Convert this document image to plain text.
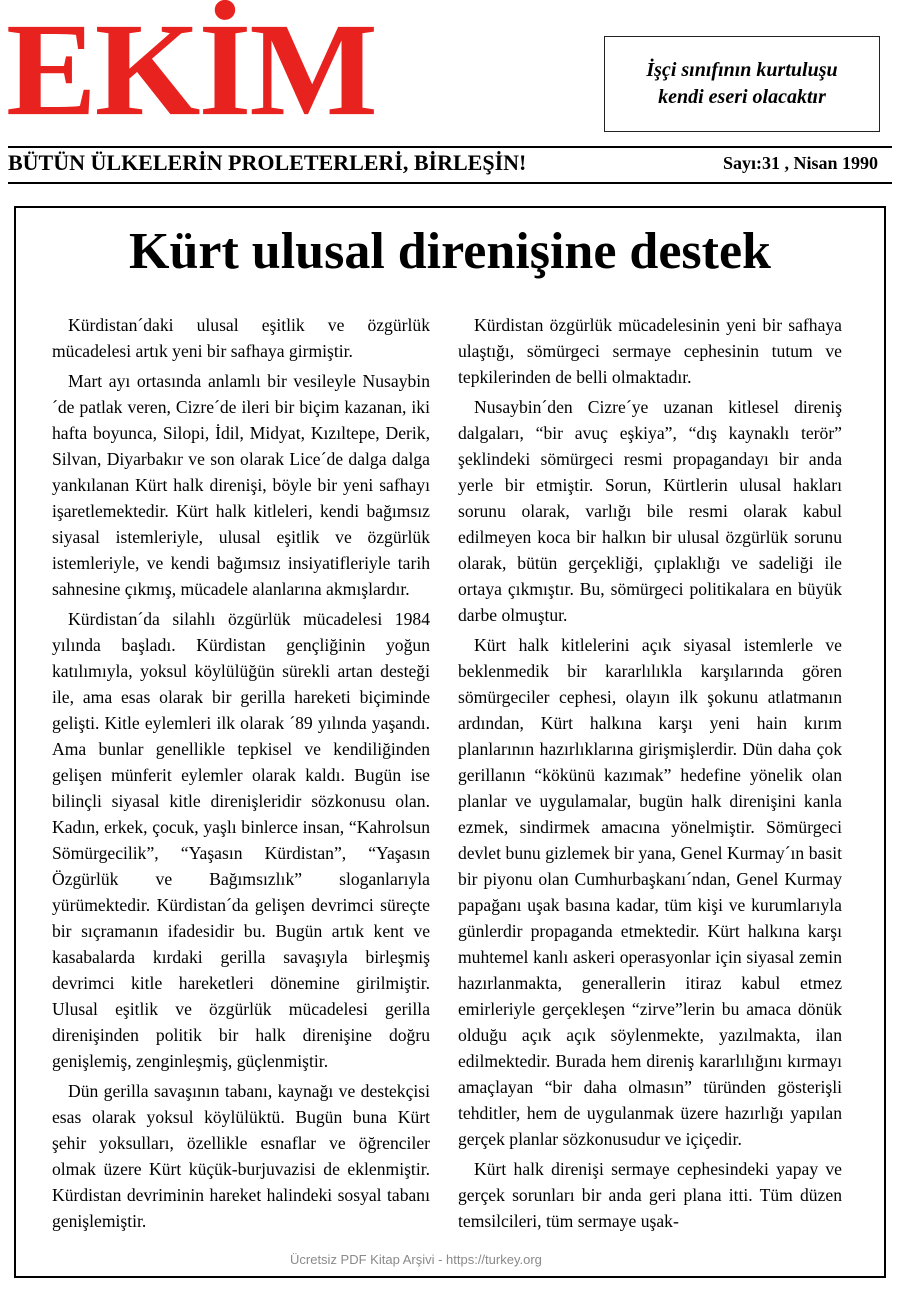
EKİM	İşçi sınıfının kurtuluşu
kendi eseri olacaktır
BÜTÜN ÜLKELERİN PROLETERLERİ, BİRLEŞİN!	Sayı:31 , Nisan 1990
Kürt ulusal direnişine destek

Kürdistan´daki ulusal eşitlik ve özgürlük mücadelesi artık yeni bir safhaya girmiştir.

Mart ayı ortasında anlamlı bir vesileyle Nusaybin´de patlak veren, Cizre´de ileri bir biçim kazanan, iki hafta boyunca, Silopi, İdil, Midyat, Kızıltepe, Derik, Silvan, Diyarbakır ve son olarak Lice´de dalga dalga yankılanan Kürt halk direnişi, böyle bir yeni safhayı işaretlemektedir. Kürt halk kitleleri, kendi bağımsız siyasal istemleriyle, ulusal eşitlik ve özgürlük istemleriyle, ve kendi bağımsız insiyatifleriyle tarih sahnesine çıkmış, mücadele alanlarına akmışlardır.

Kürdistan´da silahlı özgürlük mücadelesi 1984 yılında başladı. Kürdistan gençliğinin yoğun katılımıyla, yoksul köylülüğün sürekli artan desteği ile, ama esas olarak bir gerilla hareketi biçiminde gelişti. Kitle eylemleri ilk olarak ´89 yılında yaşandı. Ama bunlar genellikle tepkisel ve kendiliğinden gelişen münferit eylemler olarak kaldı. Bugün ise bilinçli siyasal kitle direnişleridir sözkonusu olan. Kadın, erkek, çocuk, yaşlı binlerce insan, “Kahrolsun Sömürgecilik”, “Yaşasın Kürdistan”, “Yaşasın Özgürlük ve Bağımsızlık” sloganlarıyla yürümektedir. Kürdistan´da gelişen devrimci süreçte bir sıçramanın ifadesidir bu. Bugün artık kent ve kasabalarda kırdaki gerilla savaşıyla birleşmiş devrimci kitle hareketleri dönemine girilmiştir. Ulusal eşitlik ve özgürlük mücadelesi gerilla direnişinden politik bir halk direnişine doğru genişlemiş, zenginleşmiş, güçlenmiştir.

Dün gerilla savaşının tabanı, kaynağı ve destekçisi esas olarak yoksul köylülüktü. Bugün buna Kürt şehir yoksulları, özellikle esnaflar ve öğrenciler olmak üzere Kürt küçük-burjuvazisi de eklenmiştir. Kürdistan devriminin hareket halindeki sosyal tabanı genişlemiştir.

Kürdistan özgürlük mücadelesinin yeni bir safhaya ulaştığı, sömürgeci sermaye cephesinin tutum ve tepkilerinden de belli olmaktadır.

Nusaybin´den Cizre´ye uzanan kitlesel direniş dalgaları, “bir avuç eşkiya”, “dış kaynaklı terör” şeklindeki sömürgeci resmi propagandayı bir anda yerle bir etmiştir. Sorun, Kürtlerin ulusal hakları sorunu olarak, varlığı bile resmi olarak kabul edilmeyen koca bir halkın bir ulusal özgürlük sorunu olarak, bütün gerçekliği, çıplaklığı ve sadeliği ile ortaya çıkmıştır. Bu, sömürgeci politikalara en büyük darbe olmuştur.

Kürt halk kitlelerini açık siyasal istemlerle ve beklenmedik bir kararlılıkla karşılarında gören sömürgeciler cephesi, olayın ilk şokunu atlatmanın ardından, Kürt halkına karşı yeni hain kırım planlarının hazırlıklarına girişmişlerdir. Dün daha çok gerillanın “kökünü kazımak” hedefine yönelik olan planlar ve uygulamalar, bugün halk direnişini kanla ezmek, sindirmek amacına yönelmiştir. Sömürgeci devlet bunu gizlemek bir yana, Genel Kurmay´ın basit bir piyonu olan Cumhurbaşkanı´ndan, Genel Kurmay papağanı uşak basına kadar, tüm kişi ve kurumlarıyla günlerdir propaganda etmektedir. Kürt halkına karşı muhtemel kanlı askeri operasyonlar için siyasal zemin hazırlanmakta, generallerin itiraz kabul etmez emirleriyle gerçekleşen “zirve”lerin bu amaca dönük olduğu açık açık söylenmekte, yazılmakta, ilan edilmektedir. Burada hem direniş kararlılığını kırmayı amaçlayan “bir daha olmasın” türünden gösterişli tehditler, hem de uygulanmak üzere hazırlığı yapılan gerçek planlar sözkonusudur ve içiçedir.

Kürt halk direnişi sermaye cephesindeki yapay ve gerçek sorunları bir anda geri plana itti. Tüm düzen temsilcileri, tüm sermaye uşak-

Ücretsiz PDF Kitap Arşivi - https://turkey.org
